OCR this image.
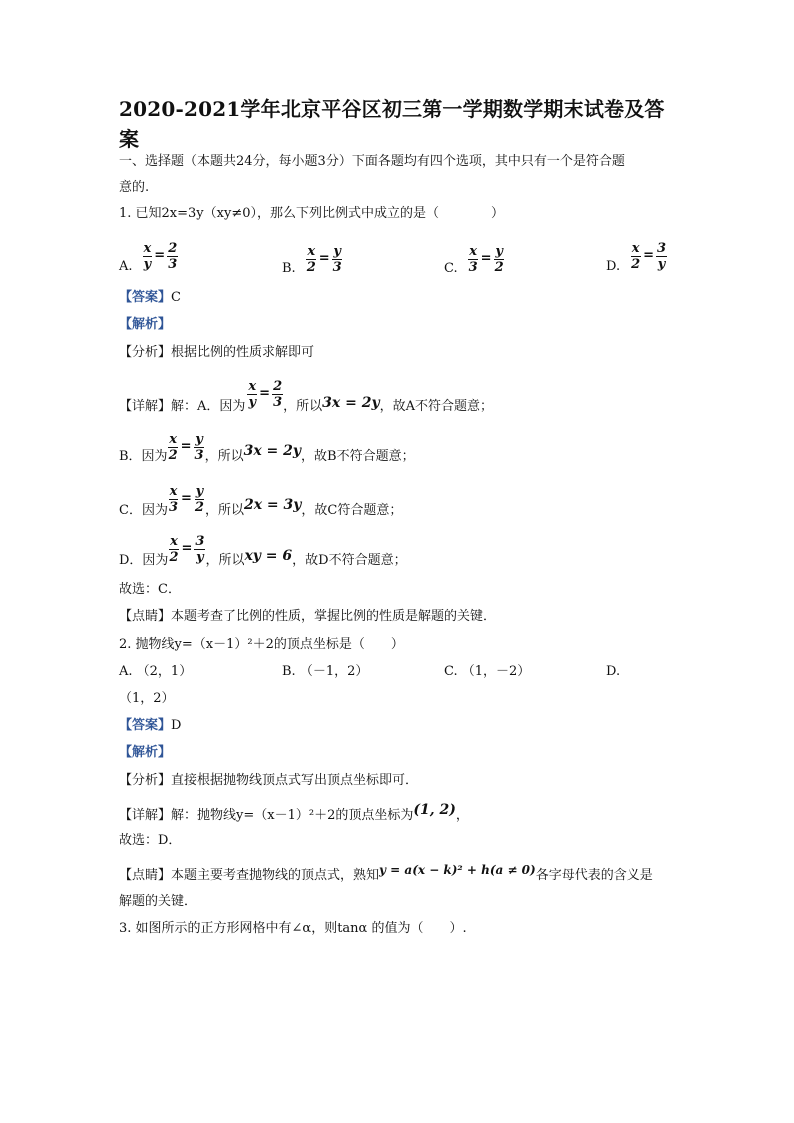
2020-2021学年北京平谷区初三第一学期数学期末试卷及答
案
一、选择题（本题共24分，每小题3分）下面各题均有四个选项，其中只有一个是符合题
意的.
1. 已知2x=3y（xy≠0），那么下列比例式中成立的是（　　　　）
A. $\frac{x}{y} = \frac{2}{3}$	B. $\frac{x}{2} = \frac{y}{3}$	C. $\frac{x}{3} = \frac{y}{2}$	D. $\frac{x}{2} = \frac{3}{y}$
【答案】C
【解析】
【分析】根据比例的性质求解即可
【详解】 解：A．因为 $\frac{x}{y} = \frac{2}{3}$ ，所以 3x = 2y ，故A不符合题意；
B．因为 $\frac{x}{2} = \frac{y}{3}$ ，所以 3x = 2y ，故B不符合题意；
C．因为 $\frac{x}{3} = \frac{y}{2}$ ，所以 2x = 3y ，故C符合题意；
D．因为 $\frac{x}{2} = \frac{3}{y}$ ，所以 xy = 6 ，故D不符合题意；
故选：C．
【点睛】本题考查了比例的性质，掌握比例的性质是解题的关键．
2. 抛物线y=（x－1）²＋2的顶点坐标是（　　）
A. （2，1）	B. （－1，2）	C. （1，－2）	D.
（1，2）
【答案】D
【解析】
【分析】直接根据抛物线顶点式写出顶点坐标即可．
【详解】解：抛物线y=（x－1）²＋2的顶点坐标为(1, 2)，
故选：D．
【点睛】本题主要考查抛物线的顶点式，熟知y = a(x − k)² + h(a ≠ 0)各字母代表的含义是
解题的关键．
3. 如图所示的正方形网格中有∠α，则tanα 的值为（　　）.
